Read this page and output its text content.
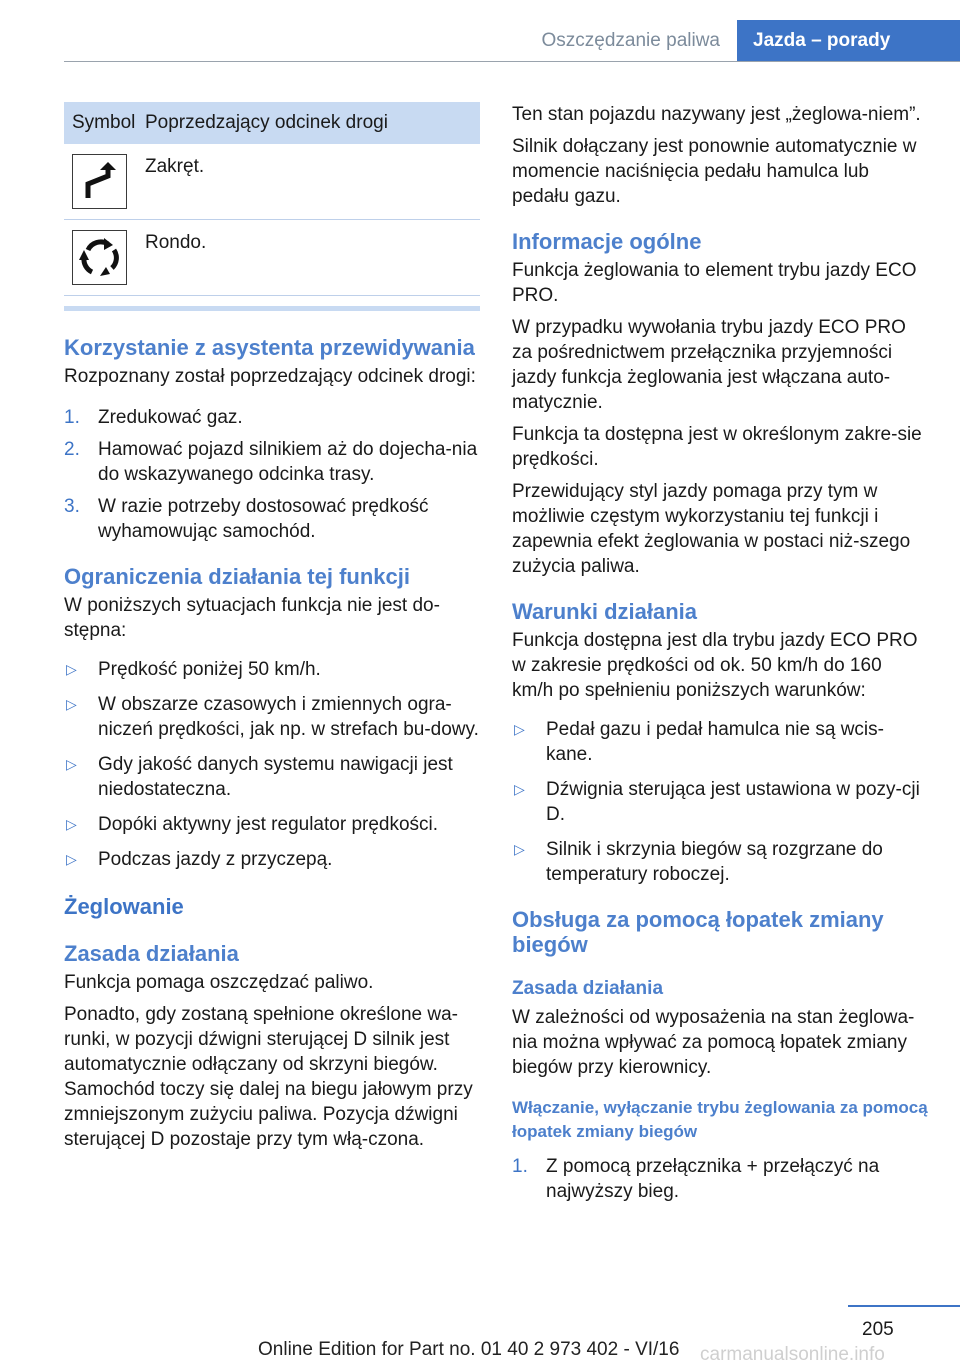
Oszczędzanie paliwa	Jazda – porady
Symbol Poprzedzający odcinek drogi
Zakręt.
Rondo.
Korzystanie z asystenta przewidywania

Rozpoznany został poprzedzający odcinek drogi:

1. Zredukować gaz.
2. Hamować pojazd silnikiem aż do dojecha-nia do wskazywanego odcinka trasy.
3. W razie potrzeby dostosować prędkość wyhamowując samochód.
Ograniczenia działania tej funkcji

W poniższych sytuacjach funkcja nie jest do-stępna:

▷	Prędkość poniżej 50 km/h.
▷	W obszarze czasowych i zmiennych ogra-niczeń prędkości, jak np. w strefach bu-dowy.
▷	Gdy jakość danych systemu nawigacji jest niedostateczna.
▷	Dopóki aktywny jest regulator prędkości.
▷	Podczas jazdy z przyczepą.
Żeglowanie
Zasada działania

Funkcja pomaga oszczędzać paliwo.

Ponadto, gdy zostaną spełnione określone wa-runki, w pozycji dźwigni sterującej D silnik jest automatycznie odłączany od skrzyni biegów. Samochód toczy się dalej na biegu jałowym przy zmniejszonym zużyciu paliwa. Pozycja dźwigni sterującej D pozostaje przy tym włą-czona.

Ten stan pojazdu nazywany jest „żeglowa-niem”.

Silnik dołączany jest ponownie automatycznie w momencie naciśnięcia pedału hamulca lub pedału gazu.

Informacje ogólne

Funkcja żeglowania to element trybu jazdy ECO PRO.

W przypadku wywołania trybu jazdy ECO PRO za pośrednictwem przełącznika przyjemności jazdy funkcja żeglowania jest włączana auto-matycznie.

Funkcja ta dostępna jest w określonym zakre-sie prędkości.

Przewidujący styl jazdy pomaga przy tym w możliwie częstym wykorzystaniu tej funkcji i zapewnia efekt żeglowania w postaci niż-szego zużycia paliwa.

Warunki działania

Funkcja dostępna jest dla trybu jazdy ECO PRO w zakresie prędkości od ok. 50 km/h do 160 km/h po spełnieniu poniższych warunków:

▷	Pedał gazu i pedał hamulca nie są wcis-kane.
▷	Dźwignia sterująca jest ustawiona w pozy-cji D.
▷	Silnik i skrzynia biegów są rozgrzane do temperatury roboczej.
Obsługa za pomocą łopatek zmiany biegów
Zasada działania

W zależności od wyposażenia na stan żeglowa-nia można wpływać za pomocą łopatek zmiany biegów przy kierownicy.

Włączanie, wyłączanie trybu żeglowania za pomocą łopatek zmiany biegów
1. Z pomocą przełącznika + przełączyć na najwyższy bieg.
205
Online Edition for Part no. 01 40 2 973 402 - VI/16 carmanualsonline.info
